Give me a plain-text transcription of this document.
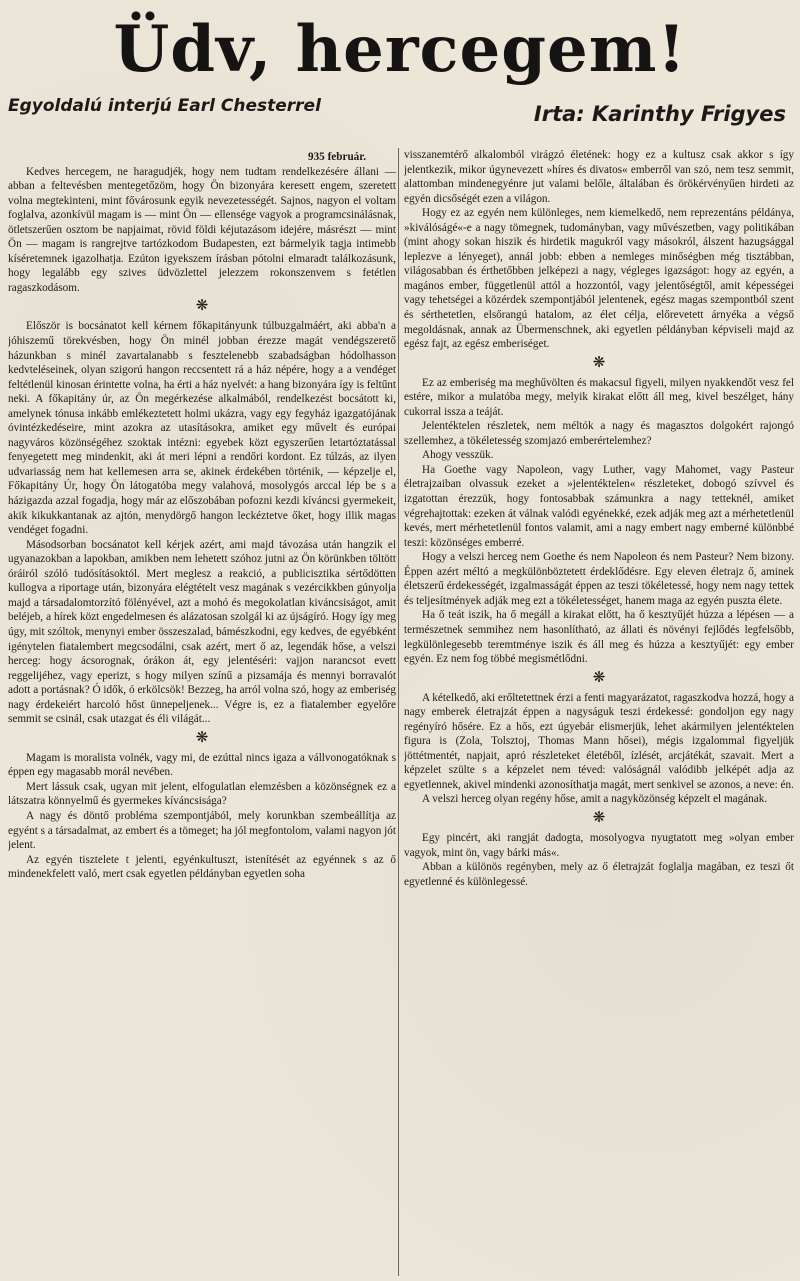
Üdv, hercegem!
Egyoldalú interjú Earl Chesterrel	Irta: Karinthy Frigyes
935 február.

Kedves hercegem, ne haragudjék, hogy nem tudtam rendelkezésére állani — abban a feltevésben mentegetőzöm, hogy Ön bizonyára keresett engem, szeretett volna megtekinteni, mint fővárosunk egyik nevezetességét. Sajnos, nagyon el voltam foglalva, azonkívül magam is — mint Ön — ellensége vagyok a programcsinálásnak, ötletszerűen osztom be napjaimat, rövid földi kéjutazásom idejére, másrészt — mint Ön — magam is rangrejtve tartózkodom Budapesten, ezt bármelyik tagja intimebb kíséretemnek igazolhatja. Ezúton igyekszem írásban pótolni elmaradt találkozásunk, hogy legalább egy szives üdvözlettel jelezzem rokonszenvem s fetétlen ragaszkodásom.

❋

Először is bocsánatot kell kérnem főkapitányunk túlbuzgalmáért, aki abba'n a jóhiszemű törekvésben, hogy Ön minél jobban érezze magát vendégszerető házunkban s minél zavartalanabb s fesztelenebb szabadságban hódolhasson kedvteléseinek, olyan szigorú hangon reccsentett rá a ház népére, hogy a a vendéget feltétlenül kinosan érintette volna, ha érti a ház nyelvét: a hang bizonyára így is feltűnt neki. A főkapitány úr, az Ön megérkezése alkalmából, rendelkezést bocsátott ki, amelynek tónusa inkább emlékeztetett holmi ukázra, vagy egy fegyház igazgatójának óvintézkedéseire, mint azokra az utasításokra, amiket egy művelt és európai nagyváros közönségéhez szoktak intézni: egyebek közt egyszerűen letartóztatással fenyegetett meg mindenkit, aki át meri lépni a rendőri kordont. Ez túlzás, az ilyen udvariasság nem hat kellemesen arra se, akinek érdekében történik, — képzelje el, Főkapitány Úr, hogy Ön látogatóba megy valahová, mosolygós arccal lép be s a házigazda azzal fogadja, hogy már az előszobában pofozni kezdi kíváncsi gyermekeit, akik kikukkantanak az ajtón, menydörgő hangon leckéztetve őket, hogy illik magas vendéget fogadni.

Másodsorban bocsánatot kell kérjek azért, ami majd távozása után hangzik el ugyanazokban a lapokban, amikben nem lehetett szóhoz jutni az Ön körünkben töltött óráiról szóló tudósításoktól. Mert meglesz a reakció, a publicisztika sértődötten kullogva a riportage után, bizonyára elégtételt vesz magának s vezércikkben gúnyolja majd a társadalomtorzító fölényével, azt a mohó és megokolatlan kiváncsiságot, amit beléjeb, a hírek közt engedelmesen és alázatosan szolgál ki az újságíró. Hogy így meg úgy, mit szóltok, menynyi ember összeszalad, bámészkodni, egy kedves, de egyébként igénytelen fiatalembert megcsodálni, csak azért, mert ő az, legendák hőse, a velszi herceg: hogy ácsorognak, órákon át, egy jelentéséri: vajjon narancsot evett reggelijéhez, vagy eperizt, s hogy milyen színű a pizsamája és mennyi borravalót adott a portásnak? Ó idők, ó erkölcsök! Bezzeg, ha arról volna szó, hogy az emberiség nagy érdekeiért harcoló hőst ünnepeljenek... Végre is, ez a fiatalember egyelőre semmit se csinál, csak utazgat és éli világát...

❋

Magam is moralista volnék, vagy mi, de ezúttal nincs igaza a vállvonogatóknak s éppen egy magasabb morál nevében.

Mert lássuk csak, ugyan mit jelent, elfogulatlan elemzésben a közönségnek ez a látszatra könnyelmű és gyermekes kíváncsisága?

A nagy és döntő probléma szempontjából, mely korunkban szembeállítja az egyént s a társadalmat, az embert és a tömeget; ha jól megfontolom, valami nagyon jót jelent.

Az egyén tisztelete t jelenti, egyénkultuszt, istenítését az egyénnek s az ő mindenekfelett való, mert csak egyetlen példányban egyetlen soha

visszanemtérő alkalomból virágzó életének: hogy ez a kultusz csak akkor s így jelentkezik, mikor úgynevezett »híres és divatos« emberről van szó, nem tesz semmit, alattomban mindenegyénre jut valami belőle, általában és örökérvényűen hirdeti az egyén dicsőségét ezen a világon.

Hogy ez az egyén nem különleges, nem kiemelkedő, nem reprezentáns példánya, »kiválóságé«-e a nagy tömegnek, tudományban, vagy művészetben, vagy politikában (mint ahogy sokan hiszik és hirdetik magukról vagy másokról, álszent hazugsággal leplezve a lényeget), annál jobb: ebben a nemleges minőségben még tisztábban, világosabban és érthetőbben jelképezi a nagy, végleges igazságot: hogy az egyén, a magános ember, függetlenül attól a hozzontól, vagy jelentőségtől, amit képességei vagy tehetségei a közérdek szempontjából jelentenek, egész magas szempontból szent és sérthetetlen, elsőrangú hatalom, az élet célja, előrevetett árnyéka a végső megoldásnak, annak az Übermenschnek, aki egyetlen példányban képviseli majd az egész fajt, az egész emberiséget.

❋

Ez az emberiség ma meghűvölten és makacsul figyeli, milyen nyakkendőt vesz fel estére, mikor a mulatóba megy, melyik kirakat előtt áll meg, kivel beszélget, hány cukorral issza a teáját.

Jelentéktelen részletek, nem méltók a nagy és magasztos dolgokért rajongó szellemhez, a tökéletesség szomjazó emberértelemhez?

Ahogy vesszük.

Ha Goethe vagy Napoleon, vagy Luther, vagy Mahomet, vagy Pasteur életrajzaiban olvassuk ezeket a »jelentéktelen« részleteket, dobogó szívvel és izgatottan érezzük, hogy fontosabbak számunkra a nagy tetteknél, amiket végrehajtottak: ezeken át válnak valódi egyénekké, ezek adják meg azt a mérhetetlenül kevés, mert mérhetetlenül fontos valamit, ami a nagy embert nagy emberné különbbé teszi: közönséges emberré.

Hogy a velszi herceg nem Goethe és nem Napoleon és nem Pasteur? Nem bizony. Éppen azért méltó a megkülönböztetett érdeklődésre. Egy eleven életrajz ő, aminek életszerű érdekességét, izgalmasságát éppen az teszi tökéletessé, hogy nem nagy tettek és teljesítmények adják meg ezt a tökéletességet, hanem maga az egyén puszta élete.

Ha ő teát iszik, ha ő megáll a kirakat előtt, ha ő kesztyűjét húzza a lépésen — a természetnek semmihez nem hasonlítható, az állati és növényi fejlődés legfelsőbb, legkülönlegesebb teremtménye iszik és áll meg és húzza a kesztyűjét: egy ember egyén. Ez nem fog többé megismétlődni.

❋

A kételkedő, aki erőltetettnek érzi a fenti magyarázatot, ragaszkodva hozzá, hogy a nagy emberek életrajzát éppen a nagyságuk teszi érdekessé: gondoljon egy nagy regényíró hősére. Ez a hős, ezt úgyebár elismerjük, lehet akármilyen jelentéktelen figura is (Zola, Tolsztoj, Thomas Mann hősei), mégis izgalommal figyeljük jöttétmentét, napjait, apró részleteket életéből, ízlését, arcjátékát, szavait. Mert a képzelet szülte s a képzelet nem téved: valóságnál valódibb jelképét adja az egyetlennek, akivel mindenki azonosíthatja magát, mert senkivel se azonos, a neve: én.

A velszi herceg olyan regény hőse, amit a nagyközönség képzelt el magának.

❋

Egy pincért, aki rangját dadogta, mosolyogva nyugtatott meg »olyan ember vagyok, mint ön, vagy bárki más«.

Abban a különös regényben, mely az ő életrajzát foglalja magában, ez teszi őt egyetlenné és különlegessé.
